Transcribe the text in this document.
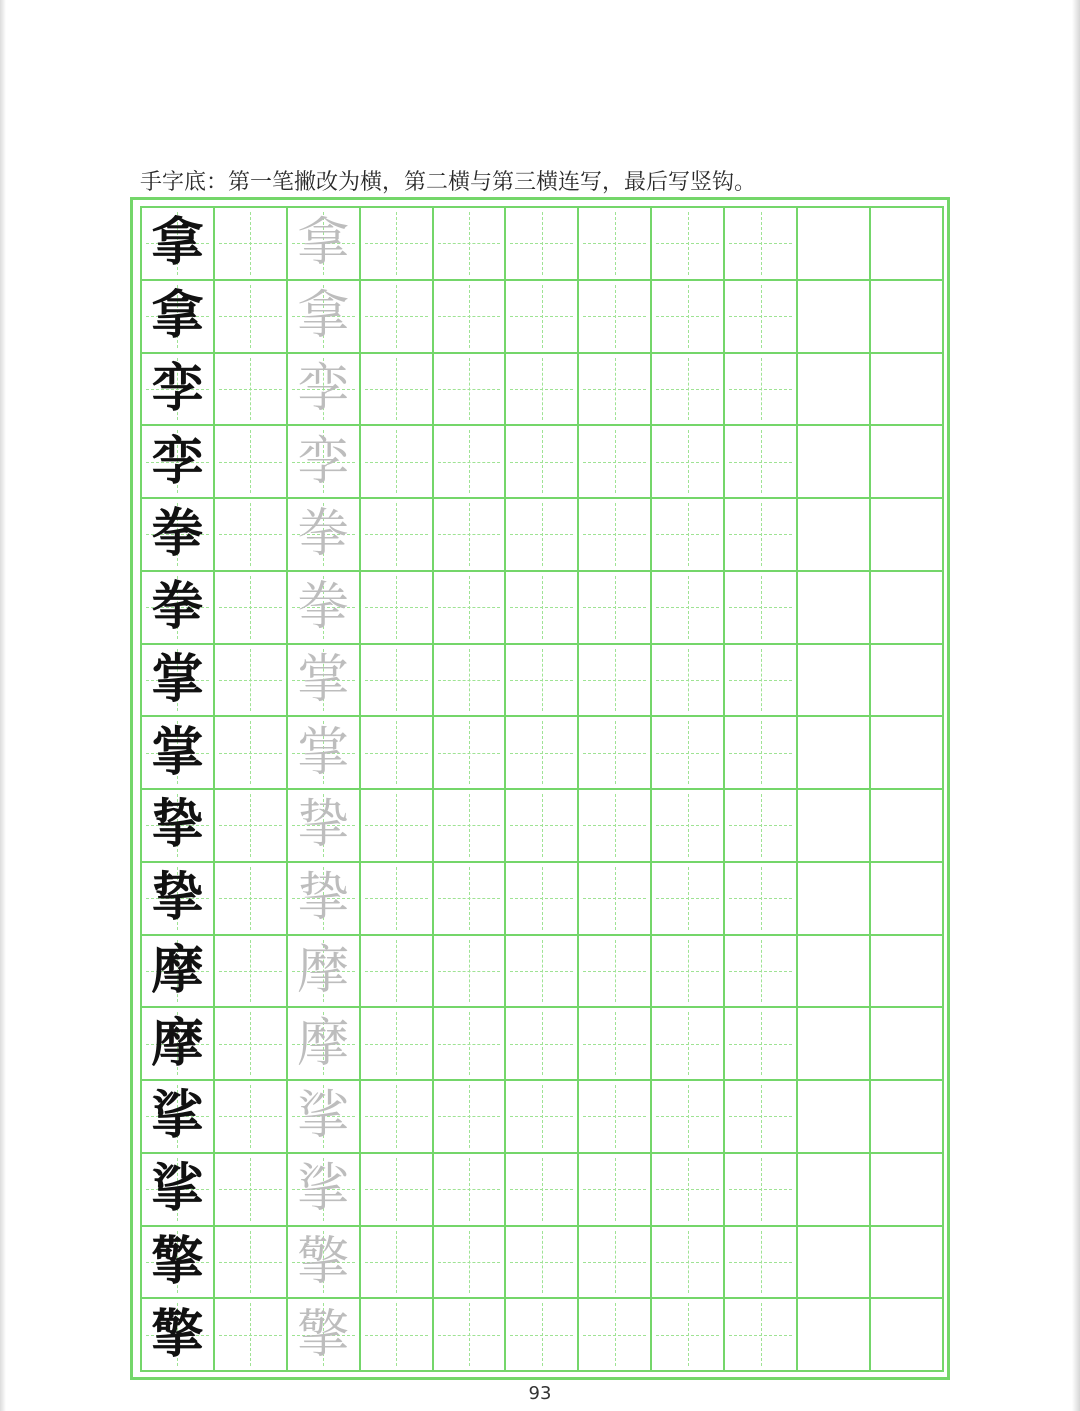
手字底：第一笔撇改为横，第二横与第三横连写，最后写竖钩。
拿 拿
拿 拿
孪 孪
孪 孪
拳 拳
拳 拳
掌 掌
掌 掌
挚 挚
挚 挚
摩 摩
摩 摩
挲 挲
挲 挲
擎 擎
擎 擎
93
